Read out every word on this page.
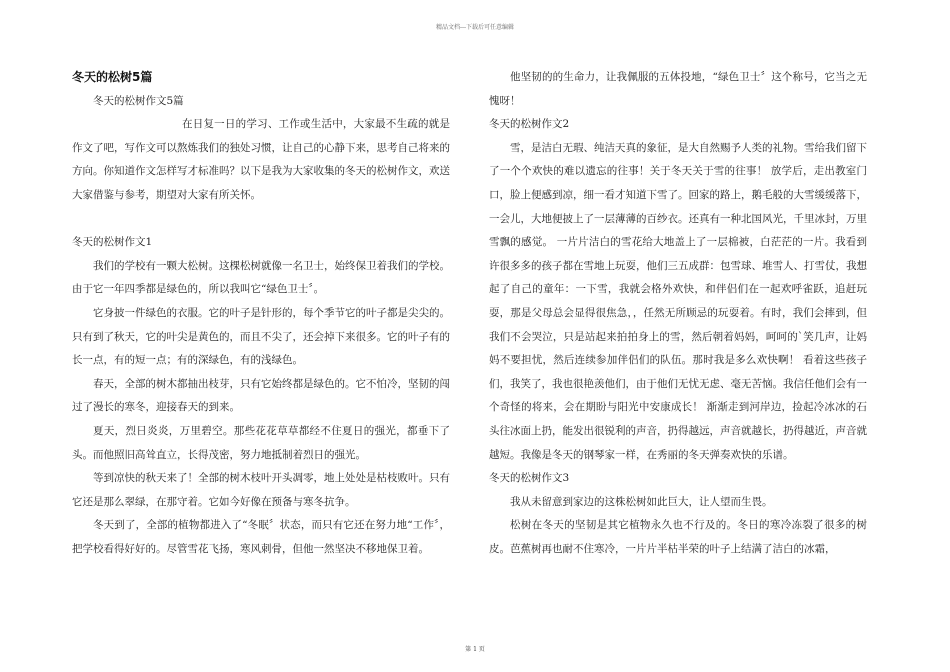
精品文档---下载后可任意编辑

冬天的松树5篇

冬天的松树作文5篇

在日复一日的学习、工作或生活中，大家最不生疏的就是作文了吧，写作文可以熬炼我们的独处习惯，让自己的心静下来，思考自己将来的方向。你知道作文怎样写才标准吗？以下是我为大家收集的冬天的松树作文，欢送大家借鉴与参考，期望对大家有所关怀。

冬天的松树作文1

我们的学校有一颗大松树。这棵松树就像一名卫士，始终保卫着我们的学校。由于它一年四季都是绿色的，所以我叫它“绿色卫士〞。

它身披一件绿色的衣服。它的叶子是针形的，每个季节它的叶子都是尖尖的。只有到了秋天，它的叶尖是黄色的，而且不尖了，还会掉下来很多。它的叶子有的长一点，有的短一点；有的深绿色，有的浅绿色。

春天，全部的树木都抽出枝芽，只有它始终都是绿色的。它不怕冷，坚韧的闯过了漫长的寒冬，迎接春天的到来。

夏天，烈日炎炎，万里碧空。那些花花草草都经不住夏日的强光，都垂下了头。而他照旧高耸直立，长得茂密，努力地抵制着烈日的强光。

等到凉快的秋天来了！全部的树木枝叶开头凋零，地上处处是枯枝败叶。只有它还是那么翠绿，在那守着。它如今好像在预备与寒冬抗争。

冬天到了，全部的植物都进入了“冬眠〞状态，而只有它还在努力地“工作〞，把学校看得好好的。尽管雪花飞扬，寒风刺骨，但他一然坚决不移地保卫着。

他坚韧的的生命力，让我佩服的五体投地，“绿色卫士〞这个称号，它当之无愧呀！

冬天的松树作文2

雪，是洁白无瑕、纯洁天真的象征，是大自然赐予人类的礼物。雪给我们留下了一个个欢快的难以遗忘的往事！关于冬天关于雪的往事！ 放学后，走出教室门口，脸上便感到凉，细一看才知道下雪了。回家的路上，鹅毛般的大雪缓缓落下，一会儿，大地便披上了一层薄薄的百纱衣。还真有一种北国风光，千里冰封，万里雪飘的感觉。 一片片洁白的雪花给大地盖上了一层棉被，白茫茫的一片。我看到许很多多的孩子都在雪地上玩耍，他们三五成群：包雪球、堆雪人、打雪仗，我想起了自己的童年：一下雪，我就会格外欢快，和伴侣们在一起欢呼雀跃，追赶玩耍，那是父母总会显得很焦急，，任然无所顾忌的玩耍着。有时，我们会摔到，但我们不会哭泣，只是站起来拍拍身上的雪，然后朝着妈妈，呵呵的`笑几声，让妈妈不要担忧，然后连续参加伴侣们的队伍。那时我是多么欢快啊！ 看着这些孩子们，我笑了，我也很艳羡他们，由于他们无忧无虑、毫无苦恼。我信任他们会有一个奇怪的将来，会在期盼与阳光中安康成长！ 渐渐走到河岸边，捡起冷冰冰的石头往冰面上扔，能发出很锐利的声音，扔得越远，声音就越长，扔得越近，声音就越短。我像是冬天的钢琴家一样，在秀丽的冬天弹奏欢快的乐谱。

冬天的松树作文3

我从未留意到家边的这株松树如此巨大，让人望而生畏。

松树在冬天的坚韧是其它植物永久也不行及的。冬日的寒冷冻裂了很多的树皮。芭蕉树再也耐不住寒冷，一片片半枯半荣的叶子上结满了洁白的冰霜，

第 1 页
